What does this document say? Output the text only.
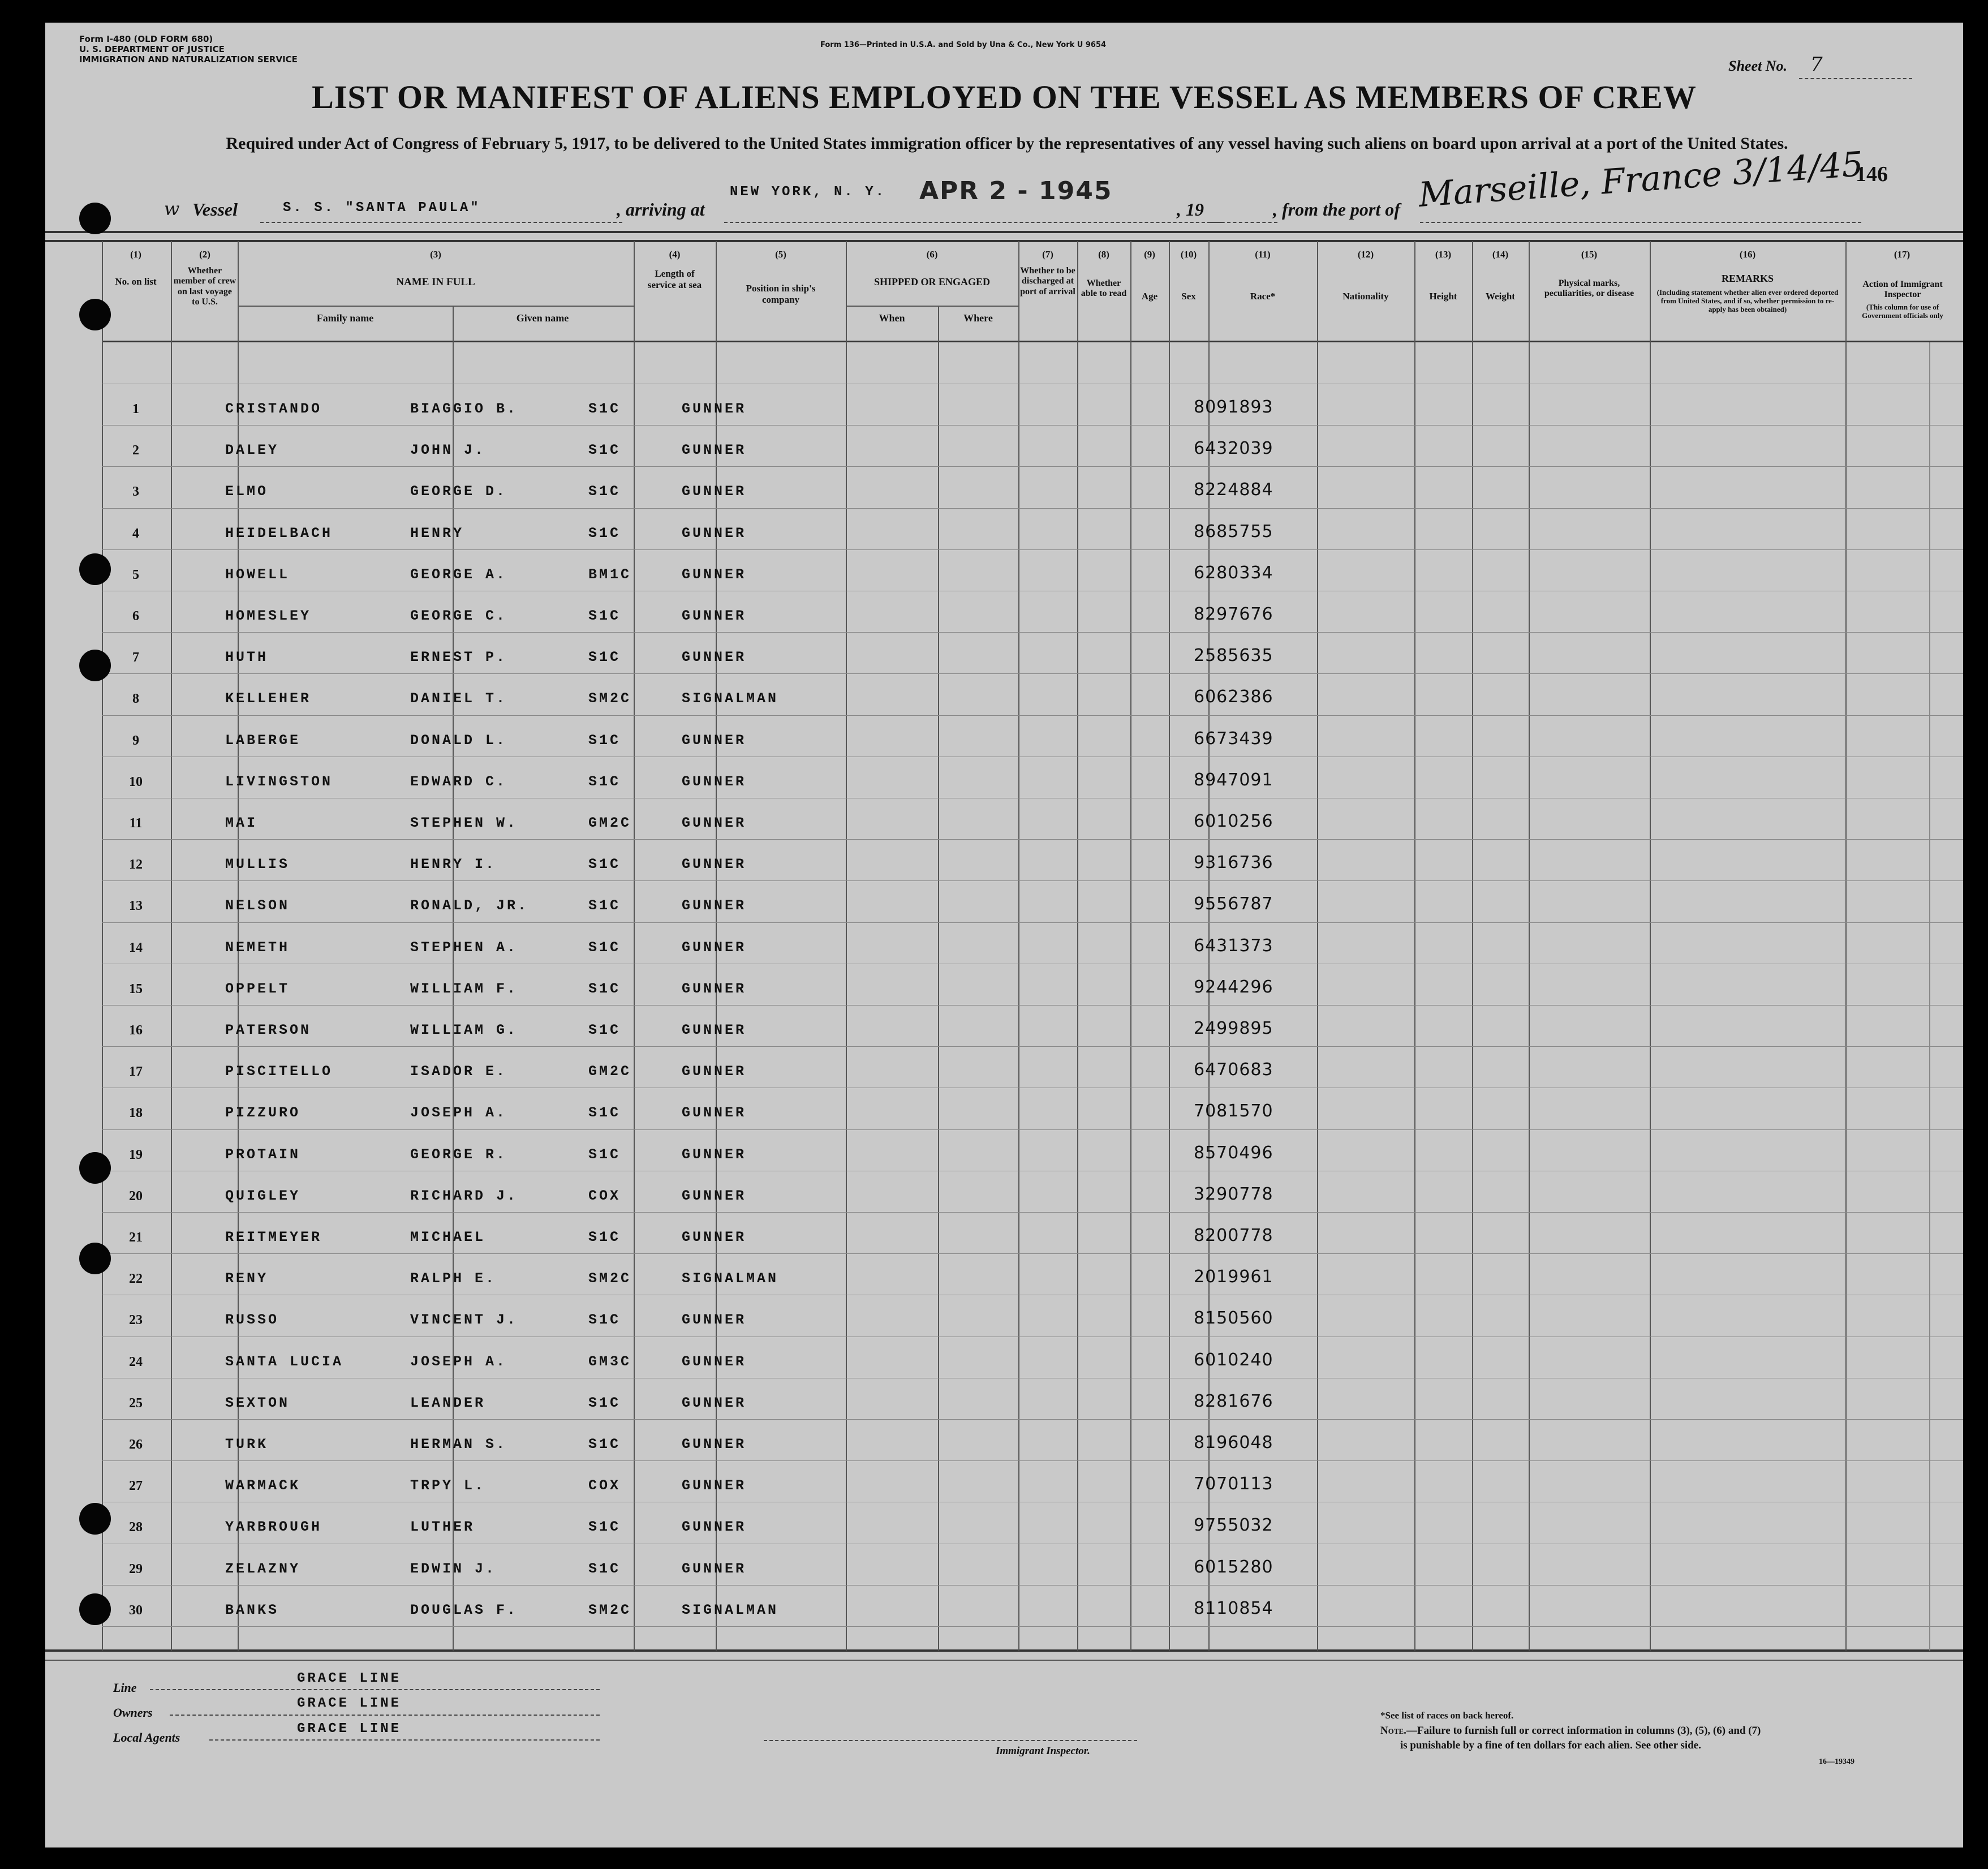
Form I-480 (OLD FORM 680)
U. S. DEPARTMENT OF JUSTICE
IMMIGRATION AND NATURALIZATION SERVICE
Form 136—Printed in U.S.A. and Sold by Una & Co., New York U 9654
Sheet No. 7
LIST OR MANIFEST OF ALIENS EMPLOYED ON THE VESSEL AS MEMBERS OF CREW
Required under Act of Congress of February 5, 1917, to be delivered to the United States immigration officer by the representatives of any vessel having such aliens on board upon arrival at a port of the United States.
146
w Vessel	S. S. "SANTA PAULA"	, arriving at
NEW YORK, N. Y. APR 2 - 1945
, 19	, from the port of Marseille, France 3/14/45
(1)
No. on list
(2)
Whether member of crew on last voyage to U.S.
(3)
NAME IN FULL
Family name	Given name
(4)
Length of service at sea
(5)
Position in ship's company
(6)
SHIPPED OR ENGAGED
When	Where
(7)
Whether to be discharged at port of arrival
(8)
Whether able to read
(9)
Age
(10)
Sex
(11)
Race*
(12)
Nationality
(13)
Height
(14)
Weight
(15)
Physical marks, peculiarities, or disease
(16)
REMARKS
(Including statement whether alien ever ordered deported from United States, and if so, whether permission to re-apply has been obtained)
(17)
Action of Immigrant Inspector
(This column for use of Government officials only
1	CRISTANDO	BIAGGIO B.	S1C	GUNNER	8091893
2	DALEY	JOHN J.	S1C	GUNNER	6432039
3	ELMO	GEORGE D.	S1C	GUNNER	8224884
4	HEIDELBACH	HENRY	S1C	GUNNER	8685755
5	HOWELL	GEORGE A.	BM1C	GUNNER	6280334
6	HOMESLEY	GEORGE C.	S1C	GUNNER	8297676
7	HUTH	ERNEST P.	S1C	GUNNER	2585635
8	KELLEHER	DANIEL T.	SM2C	SIGNALMAN	6062386
9	LABERGE	DONALD L.	S1C	GUNNER	6673439
10	LIVINGSTON	EDWARD C.	S1C	GUNNER	8947091
11	MAI	STEPHEN W.	GM2C	GUNNER	6010256
12	MULLIS	HENRY I.	S1C	GUNNER	9316736
13	NELSON	RONALD, JR.	S1C	GUNNER	9556787
14	NEMETH	STEPHEN A.	S1C	GUNNER	6431373
15	OPPELT	WILLIAM F.	S1C	GUNNER	9244296
16	PATERSON	WILLIAM G.	S1C	GUNNER	2499895
17	PISCITELLO	ISADOR E.	GM2C	GUNNER	6470683
18	PIZZURO	JOSEPH A.	S1C	GUNNER	7081570
19	PROTAIN	GEORGE R.	S1C	GUNNER	8570496
20	QUIGLEY	RICHARD J.	COX	GUNNER	3290778
21	REITMEYER	MICHAEL	S1C	GUNNER	8200778
22	RENY	RALPH E.	SM2C	SIGNALMAN	2019961
23	RUSSO	VINCENT J.	S1C	GUNNER	8150560
24	SANTA LUCIA	JOSEPH A.	GM3C	GUNNER	6010240
25	SEXTON	LEANDER	S1C	GUNNER	8281676
26	TURK	HERMAN S.	S1C	GUNNER	8196048
27	WARMACK	TRPY L.	COX	GUNNER	7070113
28	YARBROUGH	LUTHER	S1C	GUNNER	9755032
29	ZELAZNY	EDWIN J.	S1C	GUNNER	6015280
30	BANKS	DOUGLAS F.	SM2C	SIGNALMAN	8110854
Line
GRACE LINE
Owners
GRACE LINE
Local Agents
GRACE LINE
Immigrant Inspector.
*See list of races on back hereof.
Note.—Failure to furnish full or correct information in columns (3), (5), (6) and (7)
is punishable by a fine of ten dollars for each alien. See other side.
16—19349
